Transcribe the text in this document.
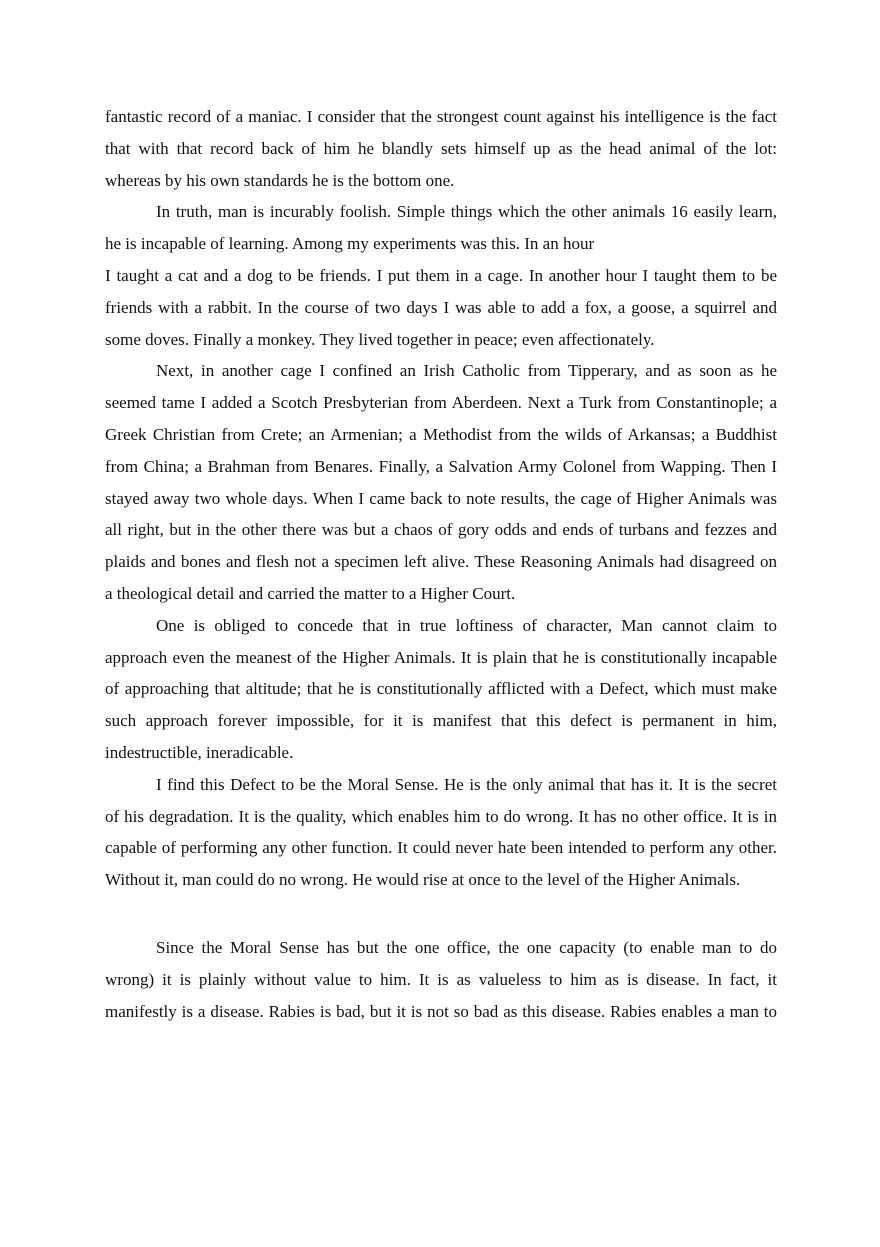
fantastic record of a maniac. I consider that the strongest count against his intelligence is the fact
that with that record back of him he blandly sets himself up as the head animal of the lot:
whereas by his own standards he is the bottom one.
In truth, man is incurably foolish. Simple things which the other animals 16 easily learn,
he is incapable of learning. Among my experiments was this. In an hour
I taught a cat and a dog to be friends. I put them in a cage. In another hour I taught them to be
friends with a rabbit. In the course of two days I was able to add a fox, a goose, a squirrel and
some doves. Finally a monkey. They lived together in peace; even affectionately.
Next, in another cage I confined an Irish Catholic from Tipperary, and as soon as he
seemed tame I added a Scotch Presbyterian from Aberdeen. Next a Turk from Constantinople; a
Greek Christian from Crete; an Armenian; a Methodist from the wilds of Arkansas; a Buddhist
from China; a Brahman from Benares. Finally, a Salvation Army Colonel from Wapping. Then I
stayed away two whole days. When I came back to note results, the cage of Higher Animals was
all right, but in the other there was but a chaos of gory odds and ends of turbans and fezzes and
plaids and bones and flesh not a specimen left alive. These Reasoning Animals had disagreed on
a theological detail and carried the matter to a Higher Court.
One is obliged to concede that in true loftiness of character, Man cannot claim to
approach even the meanest of the Higher Animals. It is plain that he is constitutionally incapable
of approaching that altitude; that he is constitutionally afflicted with a Defect, which must make
such approach forever impossible, for it is manifest that this defect is permanent in him,
indestructible, ineradicable.
I find this Defect to be the Moral Sense. He is the only animal that has it. It is the secret
of his degradation. It is the quality, which enables him to do wrong. It has no other office. It is in
capable of performing any other function. It could never hate been intended to perform any other.
Without it, man could do no wrong. He would rise at once to the level of the Higher Animals.
Since the Moral Sense has but the one office, the one capacity (to enable man to do
wrong) it is plainly without value to him. It is as valueless to him as is disease. In fact, it
manifestly is a disease. Rabies is bad, but it is not so bad as this disease. Rabies enables a man to
